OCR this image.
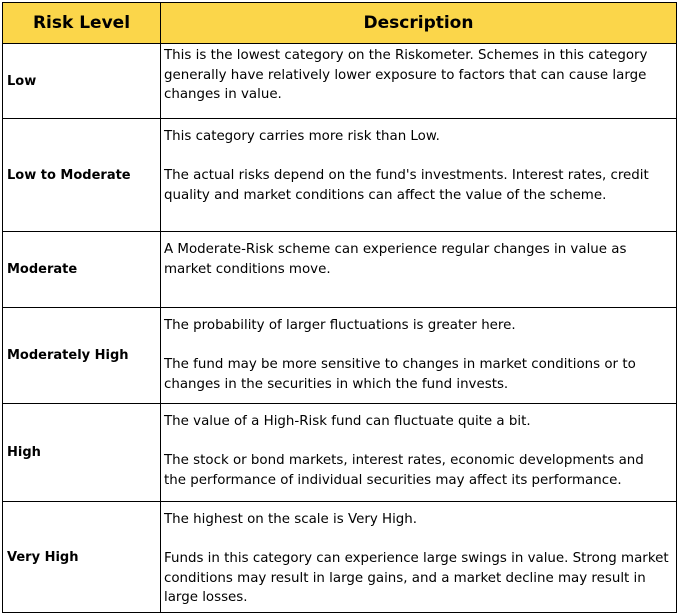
Risk Level	Description
Low	This is the lowest category on the Riskometer. Schemes in this category generally have relatively lower exposure to factors that can cause large changes in value.

Low to Moderate	This category carries more risk than Low.

The actual risks depend on the fund's investments. Interest rates, credit quality and market conditions can affect the value of the scheme.

Moderate	A Moderate-Risk scheme can experience regular changes in value as market conditions move.

Moderately High	The probability of larger fluctuations is greater here.

The fund may be more sensitive to changes in market conditions or to changes in the securities in which the fund invests.

High	The value of a High-Risk fund can fluctuate quite a bit.

The stock or bond markets, interest rates, economic developments and the performance of individual securities may affect its performance.

Very High	The highest on the scale is Very High.

Funds in this category can experience large swings in value. Strong market conditions may result in large gains, and a market decline may result in large losses.
